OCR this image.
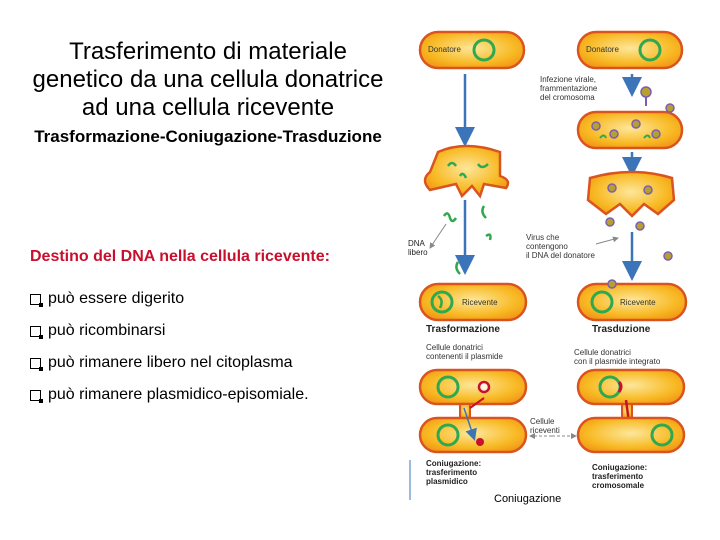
Trasferimento di materiale
genetico da una cellula donatrice
ad una cellula ricevente
Trasformazione-Coniugazione-Trasduzione
Destino del DNA nella cellula ricevente:
può essere digerito
può ricombinarsi
può rimanere libero nel citoplasma
può rimanere plasmidico-episomiale.
Donatore
DNA libero
Ricevente
Trasformazione
Cellule donatrici contenenti il plasmide
Coniugazione: trasferimento plasmidico
Donatore
Infezione virale, frammentazione del cromosoma
Virus che contengono il DNA del donatore
Ricevente
Trasduzione
Cellule donatrici con il plasmide integrato
Cellule riceventi
Coniugazione: trasferimento cromosomale
Coniugazione
